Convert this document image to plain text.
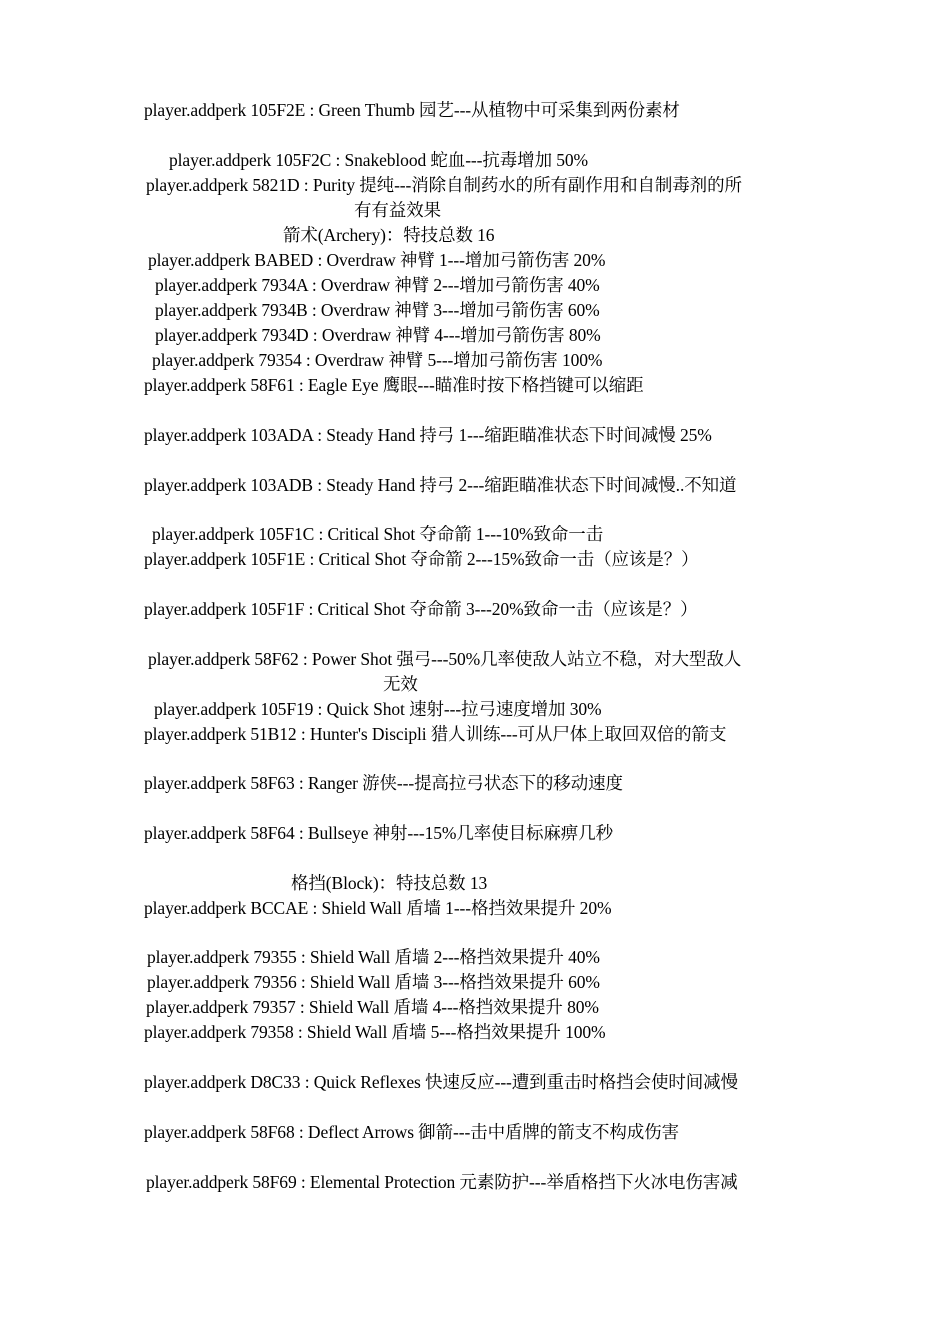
player.addperk 105F2E : Green Thumb 园艺---从植物中可采集到两份素材
player.addperk 105F2C : Snakeblood 蛇血---抗毒增加 50%
player.addperk 5821D : Purity 提纯---消除自制药水的所有副作用和自制毒剂的所
有有益效果
箭术(Archery)：特技总数 16
player.addperk BABED : Overdraw 神臂 1---增加弓箭伤害 20%
player.addperk 7934A : Overdraw 神臂 2---增加弓箭伤害 40%
player.addperk 7934B : Overdraw 神臂 3---增加弓箭伤害 60%
player.addperk 7934D : Overdraw 神臂 4---增加弓箭伤害 80%
player.addperk 79354 : Overdraw 神臂 5---增加弓箭伤害 100%
player.addperk 58F61 : Eagle Eye 鹰眼---瞄准时按下格挡键可以缩距
player.addperk 103ADA : Steady Hand 持弓 1---缩距瞄准状态下时间减慢 25%
player.addperk 103ADB : Steady Hand 持弓 2---缩距瞄准状态下时间减慢..不知道
player.addperk 105F1C : Critical Shot 夺命箭 1---10%致命一击
player.addperk 105F1E : Critical Shot 夺命箭 2---15%致命一击（应该是？）
player.addperk 105F1F : Critical Shot 夺命箭 3---20%致命一击（应该是？）
player.addperk 58F62 : Power Shot 强弓---50%几率使敌人站立不稳，对大型敌人
无效
player.addperk 105F19 : Quick Shot 速射---拉弓速度增加 30%
player.addperk 51B12 : Hunter's Discipli 猎人训练---可从尸体上取回双倍的箭支
player.addperk 58F63 : Ranger 游侠---提高拉弓状态下的移动速度
player.addperk 58F64 : Bullseye 神射---15%几率使目标麻痹几秒
格挡(Block)：特技总数 13
player.addperk BCCAE : Shield Wall 盾墙 1---格挡效果提升 20%
player.addperk 79355 : Shield Wall 盾墙 2---格挡效果提升 40%
player.addperk 79356 : Shield Wall 盾墙 3---格挡效果提升 60%
player.addperk 79357 : Shield Wall 盾墙 4---格挡效果提升 80%
player.addperk 79358 : Shield Wall 盾墙 5---格挡效果提升 100%
player.addperk D8C33 : Quick Reflexes 快速反应---遭到重击时格挡会使时间减慢
player.addperk 58F68 : Deflect Arrows 御箭---击中盾牌的箭支不构成伤害
player.addperk 58F69 : Elemental Protection 元素防护---举盾格挡下火冰电伤害减
